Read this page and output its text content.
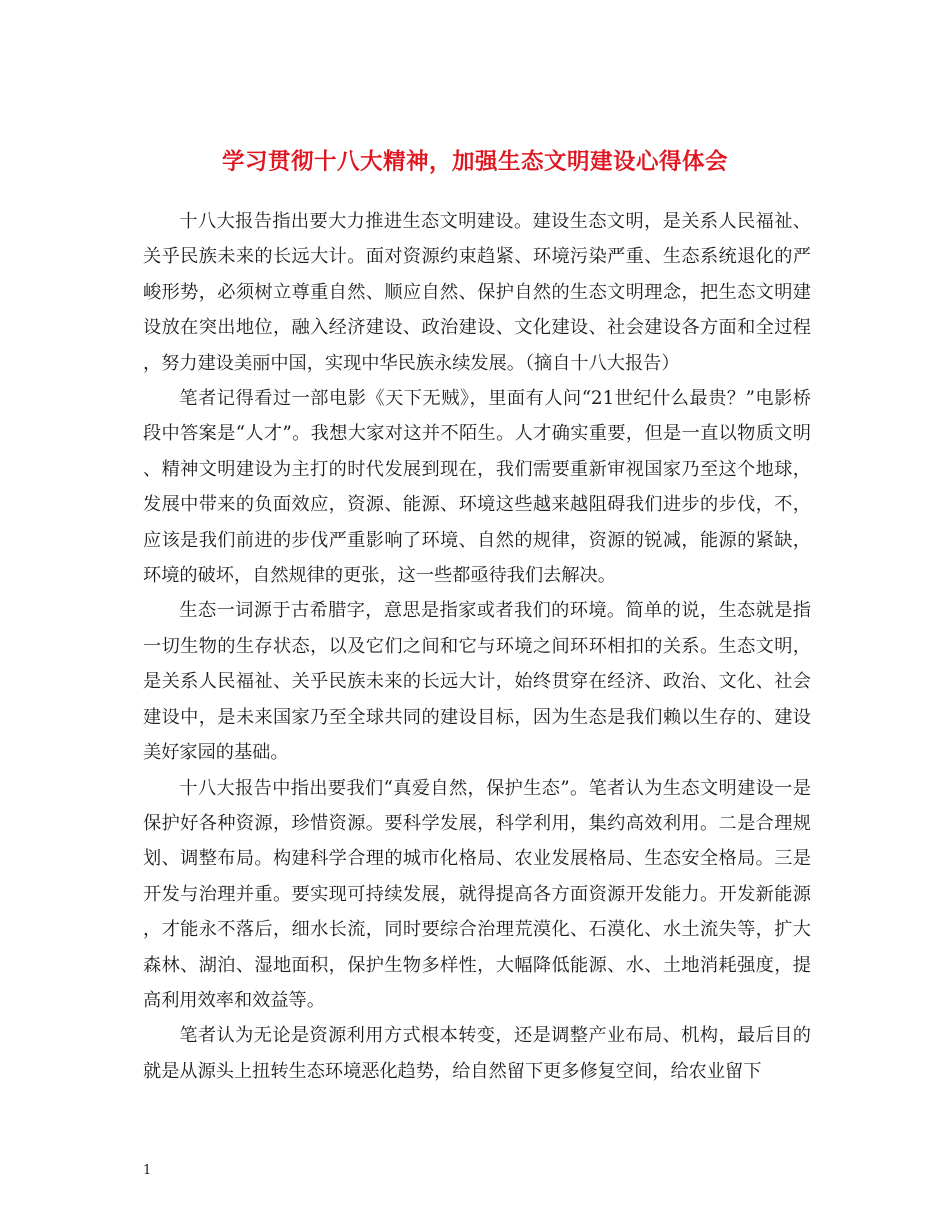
学习贯彻十八大精神，加强生态文明建设心得体会

十八大报告指出要大力推进生态文明建设。建设生态文明，是关系人民福祉、关乎民族未来的长远大计。面对资源约束趋紧、环境污染严重、生态系统退化的严峻形势，必须树立尊重自然、顺应自然、保护自然的生态文明理念，把生态文明建设放在突出地位，融入经济建设、政治建设、文化建设、社会建设各方面和全过程，努力建设美丽中国，实现中华民族永续发展。（摘自十八大报告）

笔者记得看过一部电影《天下无贼》，里面有人问“21世纪什么最贵？”电影桥段中答案是“人才”。我想大家对这并不陌生。人才确实重要，但是一直以物质文明、精神文明建设为主打的时代发展到现在，我们需要重新审视国家乃至这个地球，发展中带来的负面效应，资源、能源、环境这些越来越阻碍我们进步的步伐，不，应该是我们前进的步伐严重影响了环境、自然的规律，资源的锐减，能源的紧缺，环境的破坏，自然规律的更张，这一些都亟待我们去解决。

生态一词源于古希腊字，意思是指家或者我们的环境。简单的说，生态就是指一切生物的生存状态，以及它们之间和它与环境之间环环相扣的关系。生态文明，是关系人民福祉、关乎民族未来的长远大计，始终贯穿在经济、政治、文化、社会建设中，是未来国家乃至全球共同的建设目标，因为生态是我们赖以生存的、建设美好家园的基础。

十八大报告中指出要我们“真爱自然，保护生态”。笔者认为生态文明建设一是保护好各种资源，珍惜资源。要科学发展，科学利用，集约高效利用。二是合理规划、调整布局。构建科学合理的城市化格局、农业发展格局、生态安全格局。三是开发与治理并重。要实现可持续发展，就得提高各方面资源开发能力。开发新能源，才能永不落后，细水长流，同时要综合治理荒漠化、石漠化、水土流失等，扩大森林、湖泊、湿地面积，保护生物多样性，大幅降低能源、水、土地消耗强度，提高利用效率和效益等。

笔者认为无论是资源利用方式根本转变，还是调整产业布局、机构，最后目的就是从源头上扭转生态环境恶化趋势，给自然留下更多修复空间，给农业留下

1
